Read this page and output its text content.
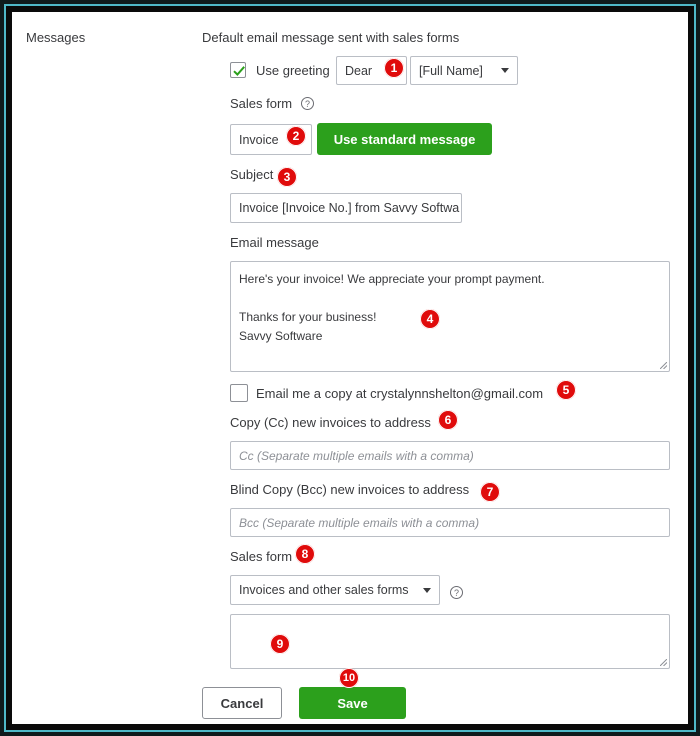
Messages	Default email message sent with sales forms
Use greeting Dear	[Full Name]
Sales form	?
Invoice	Use standard message
Subject
Invoice [Invoice No.] from Savvy Softwa
Email message
Here's your invoice! We appreciate your prompt payment.
Thanks for your business!
Savvy Software
Email me a copy at crystalynnshelton@gmail.com
Copy (Cc) new invoices to address
Cc (Separate multiple emails with a comma)
Blind Copy (Bcc) new invoices to address
Bcc (Separate multiple emails with a comma)
Sales form
Invoices and other sales forms	?
Cancel	Save
1
2
3
4
5
6
7
8
9
10
